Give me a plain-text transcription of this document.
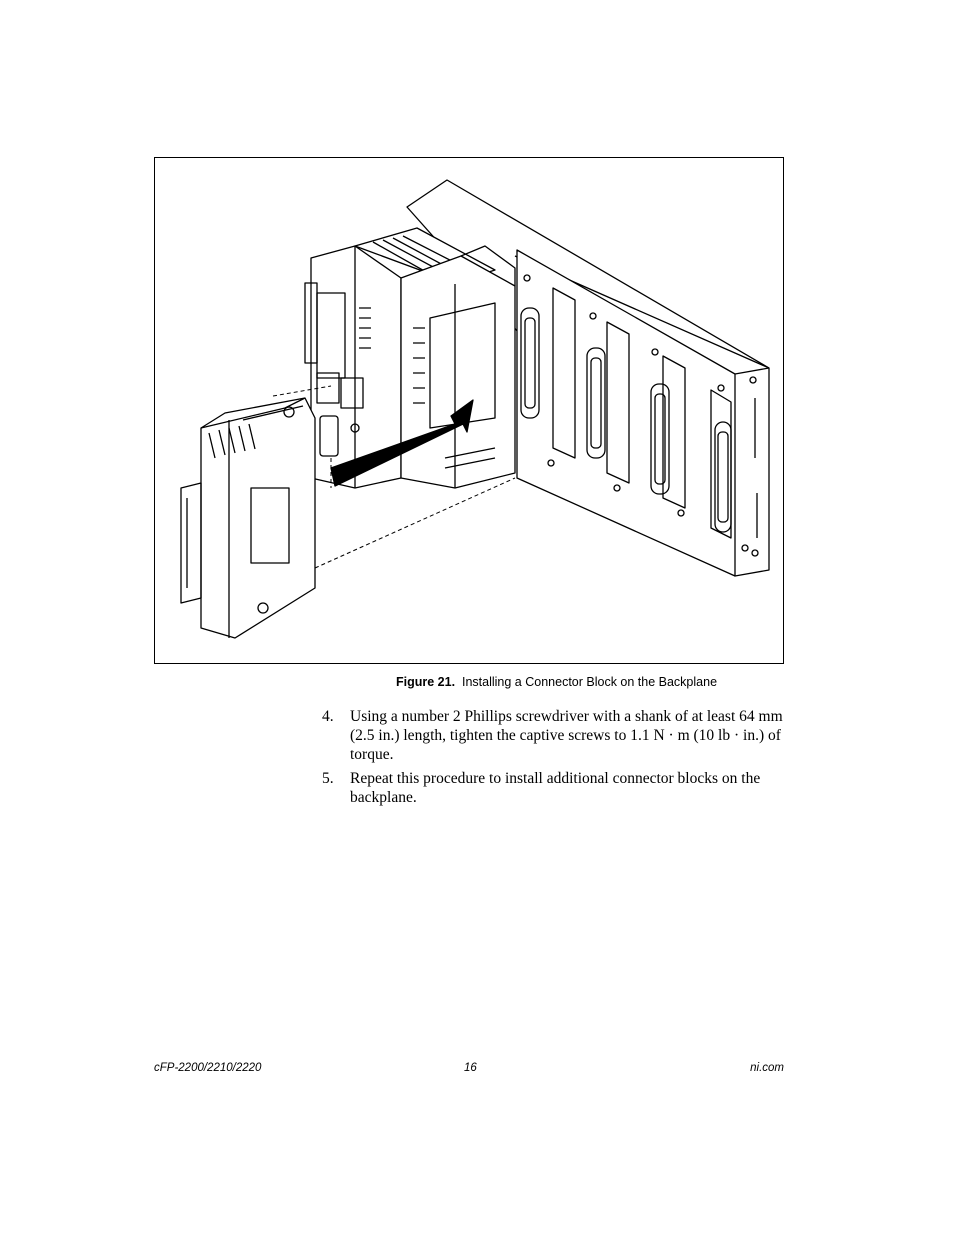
Figure 21. Installing a Connector Block on the Backplane
4. Using a number 2 Phillips screwdriver with a shank of at least 64 mm (2.5 in.) length, tighten the captive screws to 1.1 N · m (10 lb · in.) of torque.
5. Repeat this procedure to install additional connector blocks on the backplane.
cFP-2200/2210/2220	16	ni.com
